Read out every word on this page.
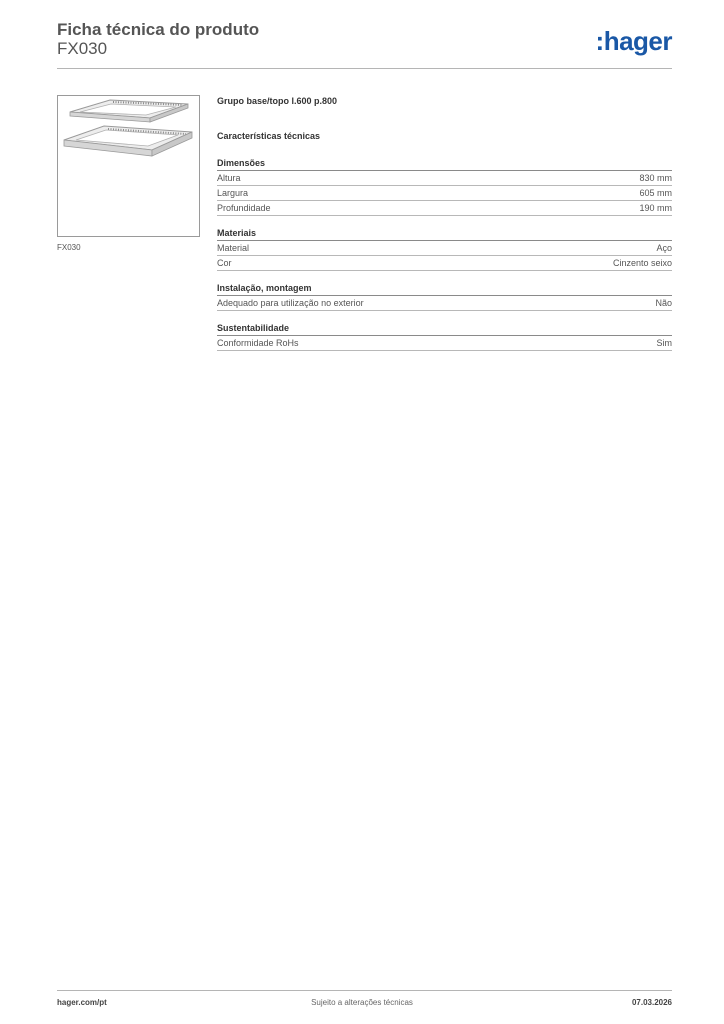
Ficha técnica do produto
FX030	:hager
FX030
Grupo base/topo l.600 p.800
Características técnicas
Dimensões
Altura	830 mm
Largura	605 mm
Profundidade	190 mm
Materiais
Material	Aço
Cor	Cinzento seixo
Instalação, montagem
Adequado para utilização no exterior	Não
Sustentabilidade
Conformidade RoHs	Sim
hager.com/pt	Sujeito a alterações técnicas	07.03.2026
